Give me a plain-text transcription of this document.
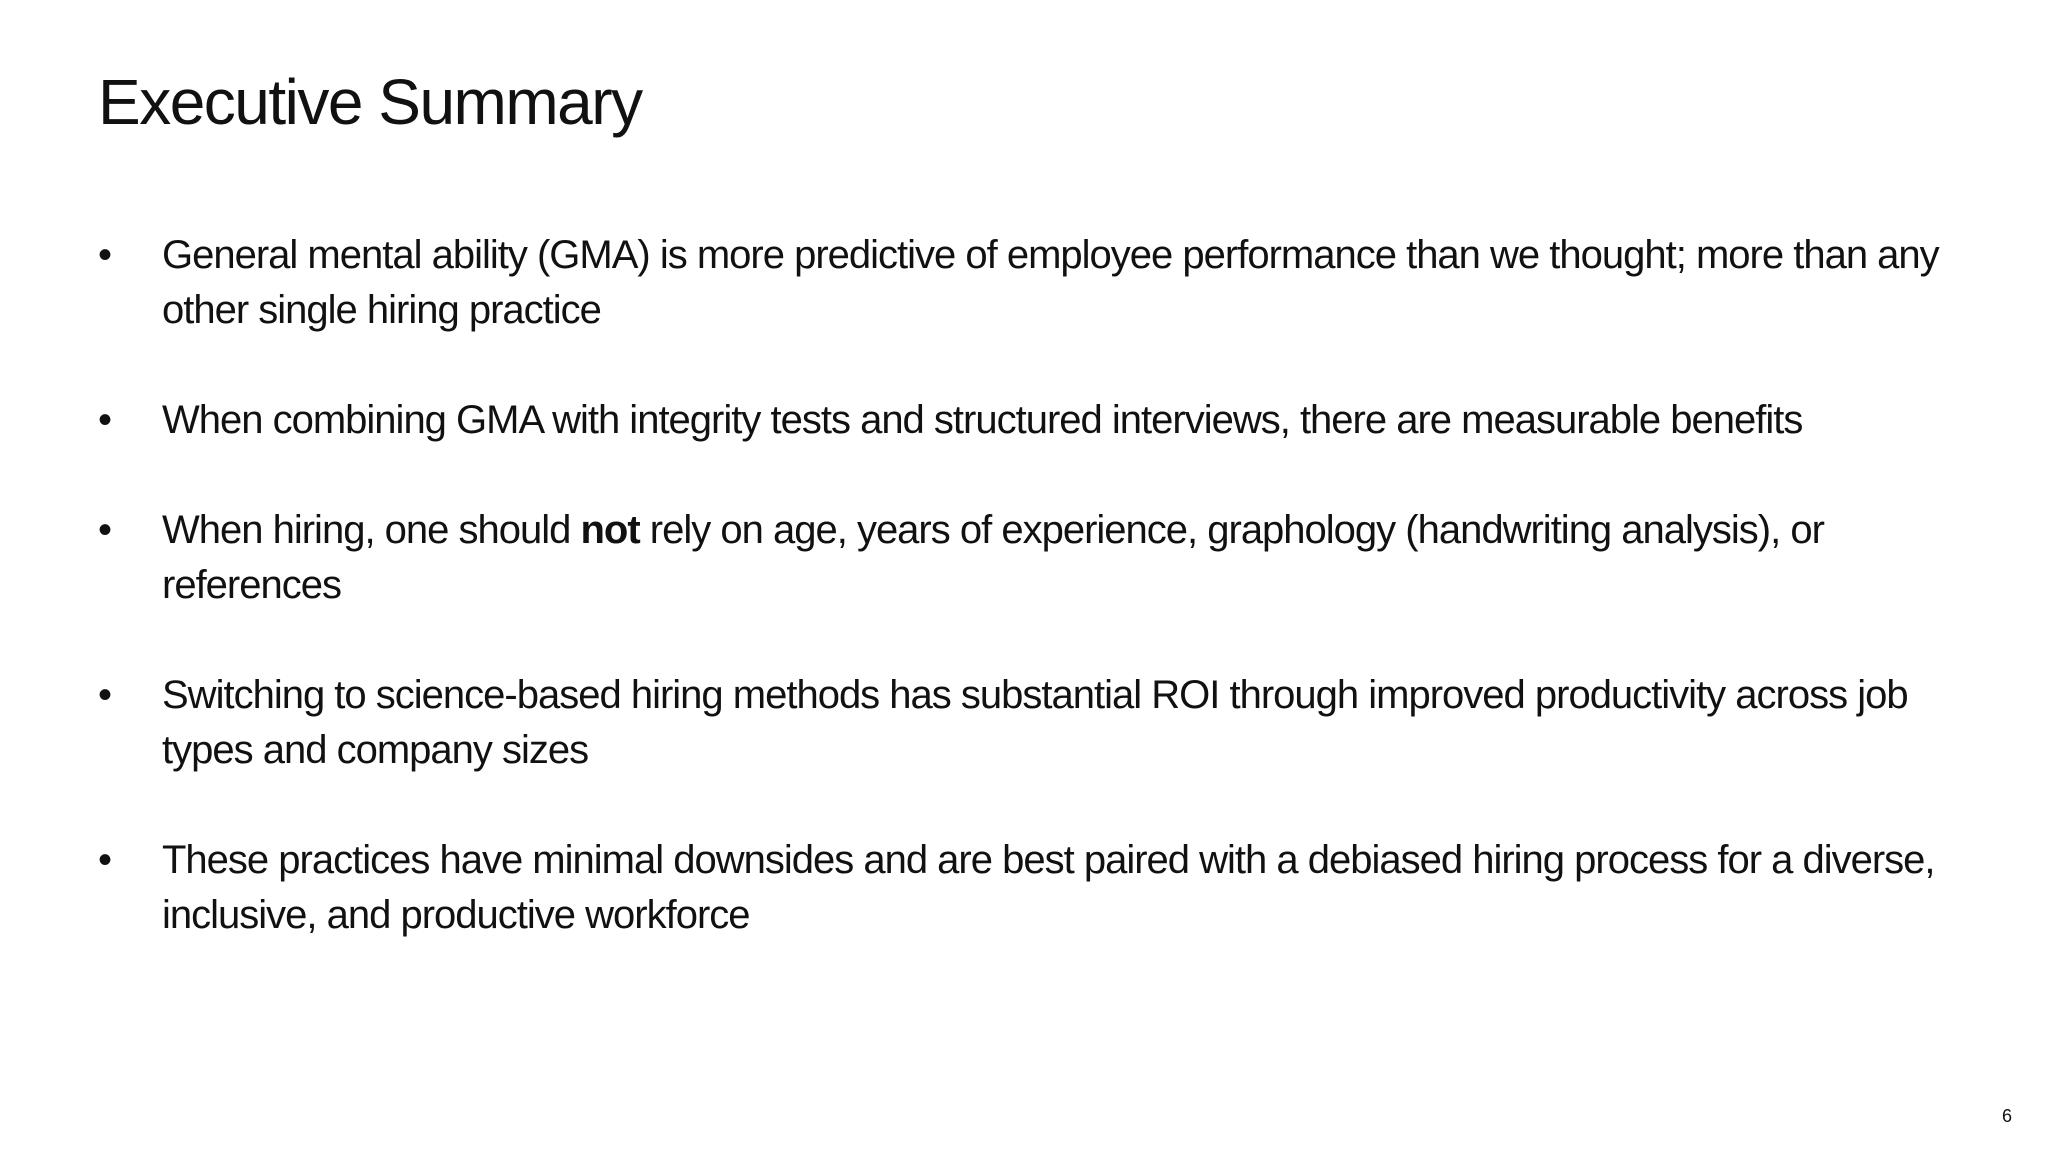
Executive Summary
• General mental ability (GMA) is more predictive of employee performance than we thought; more than any other single hiring practice
• When combining GMA with integrity tests and structured interviews, there are measurable benefits
• When hiring, one should not rely on age, years of experience, graphology (handwriting analysis), or references
• Switching to science-based hiring methods has substantial ROI through improved productivity across job types and company sizes
• These practices have minimal downsides and are best paired with a debiased hiring process for a diverse, inclusive, and productive workforce
6
